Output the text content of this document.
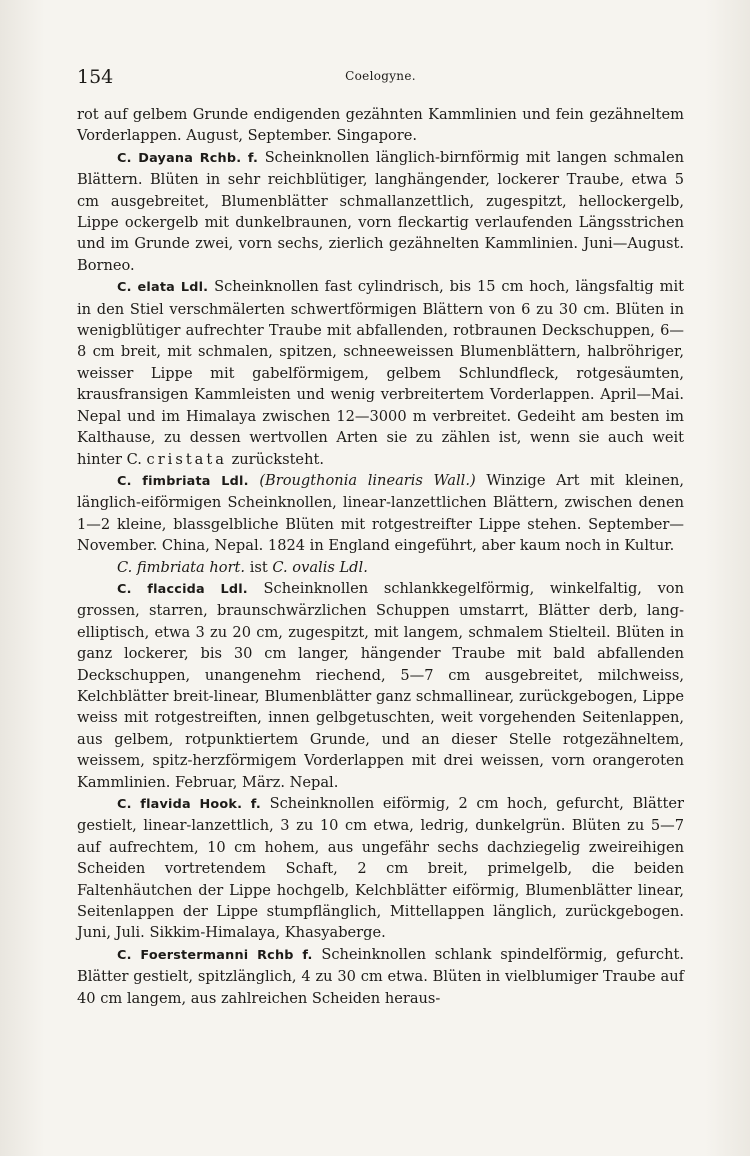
154	Coelogyne.

rot auf gelbem Grunde endigenden gezähnten Kammlinien und fein gezähneltem Vorderlappen. August, September. Singapore.

C. Dayana Rchb. f. Scheinknollen länglich-birnförmig mit langen schmalen Blättern. Blüten in sehr reichblütiger, langhängender, lockerer Traube, etwa 5 cm ausgebreitet, Blumenblätter schmallanzettlich, zugespitzt, hellockergelb, Lippe ockergelb mit dunkelbraunen, vorn fleckartig verlaufenden Längsstrichen und im Grunde zwei, vorn sechs, zierlich gezähnelten Kammlinien. Juni—August. Borneo.

C. elata Ldl. Scheinknollen fast cylindrisch, bis 15 cm hoch, längsfaltig mit in den Stiel verschmälerten schwertförmigen Blättern von 6 zu 30 cm. Blüten in wenigblütiger aufrechter Traube mit abfallenden, rotbraunen Deckschuppen, 6—8 cm breit, mit schmalen, spitzen, schneeweissen Blumenblättern, halbröhriger, weisser Lippe mit gabelförmigem, gelbem Schlundfleck, rotgesäumten, krausfransigen Kammleisten und wenig verbreitertem Vorderlappen. April—Mai. Nepal und im Himalaya zwischen 12—3000 m verbreitet. Gedeiht am besten im Kalthause, zu dessen wertvollen Arten sie zu zählen ist, wenn sie auch weit hinter C. cristata zurücksteht.

C. fimbriata Ldl. (Brougthonia linearis Wall.) Winzige Art mit kleinen, länglich-eiförmigen Scheinknollen, linear-lanzettlichen Blättern, zwischen denen 1—2 kleine, blassgelbliche Blüten mit rotgestreifter Lippe stehen. September—November. China, Nepal. 1824 in England eingeführt, aber kaum noch in Kultur.

C. fimbriata hort. ist C. ovalis Ldl.

C. flaccida Ldl. Scheinknollen schlankkegelförmig, winkelfaltig, von grossen, starren, braunschwärzlichen Schuppen umstarrt, Blätter derb, lang-elliptisch, etwa 3 zu 20 cm, zugespitzt, mit langem, schmalem Stielteil. Blüten in ganz lockerer, bis 30 cm langer, hängender Traube mit bald abfallenden Deckschuppen, unangenehm riechend, 5—7 cm ausgebreitet, milchweiss, Kelchblätter breit-linear, Blumenblätter ganz schmallinear, zurückgebogen, Lippe weiss mit rotgestreiften, innen gelbgetuschten, weit vorgehenden Seitenlappen, aus gelbem, rotpunktiertem Grunde, und an dieser Stelle rotgezähneltem, weissem, spitz-herzförmigem Vorderlappen mit drei weissen, vorn orangeroten Kammlinien. Februar, März. Nepal.

C. flavida Hook. f. Scheinknollen eiförmig, 2 cm hoch, gefurcht, Blätter gestielt, linear-lanzettlich, 3 zu 10 cm etwa, ledrig, dunkelgrün. Blüten zu 5—7 auf aufrechtem, 10 cm hohem, aus ungefähr sechs dachziegelig zweireihigen Scheiden vortretendem Schaft, 2 cm breit, primelgelb, die beiden Faltenhäutchen der Lippe hochgelb, Kelchblätter eiförmig, Blumenblätter linear, Seitenlappen der Lippe stumpflänglich, Mittellappen länglich, zurückgebogen. Juni, Juli. Sikkim-Himalaya, Khasyaberge.

C. Foerstermanni Rchb f. Scheinknollen schlank spindelförmig, gefurcht. Blätter gestielt, spitzlänglich, 4 zu 30 cm etwa. Blüten in vielblumiger Traube auf 40 cm langem, aus zahlreichen Scheiden heraus-
